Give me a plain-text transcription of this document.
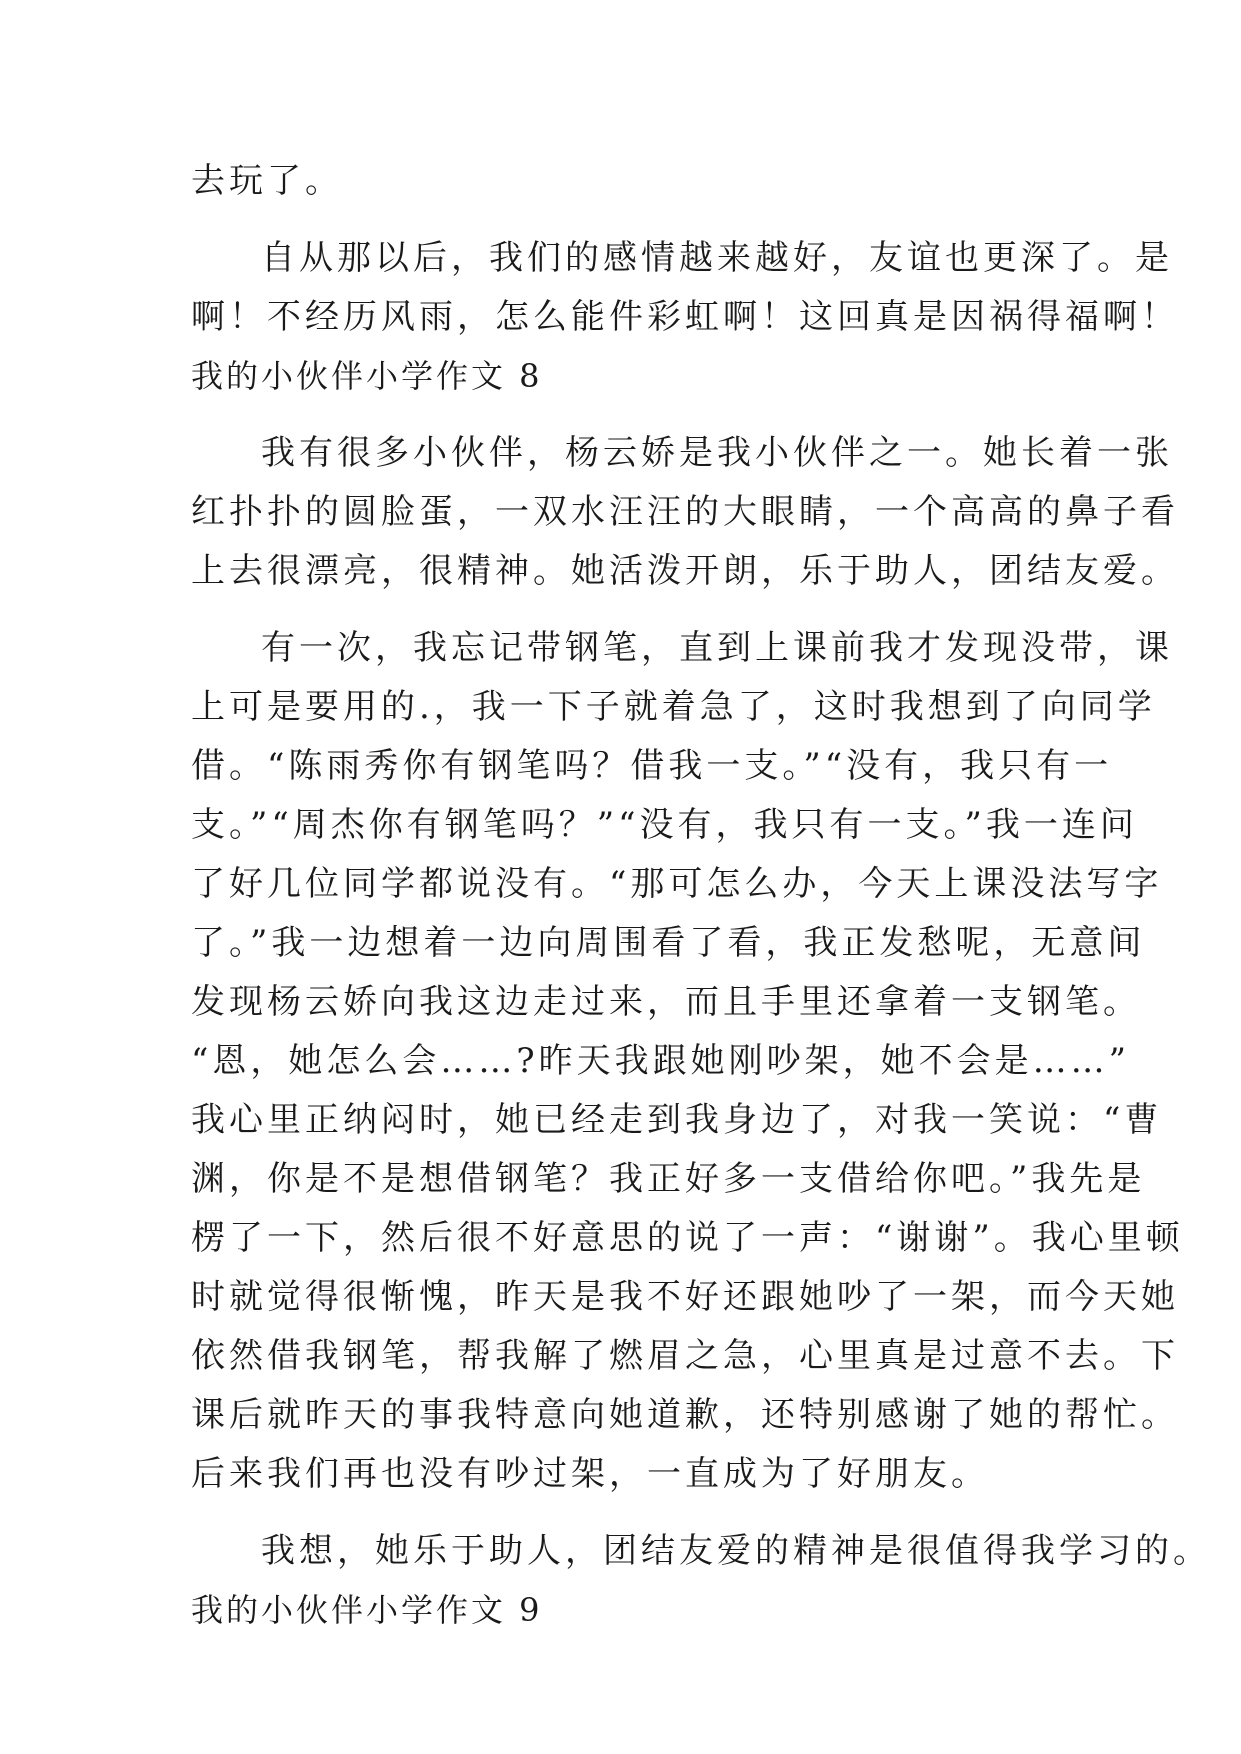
去玩了。
自从那以后，我们的感情越来越好，友谊也更深了。是
啊！不经历风雨，怎么能件彩虹啊！这回真是因祸得福啊！
我的小伙伴小学作文 8
我有很多小伙伴，杨云娇是我小伙伴之一。她长着一张
红扑扑的圆脸蛋，一双水汪汪的大眼睛，一个高高的鼻子看
上去很漂亮，很精神。她活泼开朗，乐于助人，团结友爱。
有一次，我忘记带钢笔，直到上课前我才发现没带，课
上可是要用的.，我一下子就着急了，这时我想到了向同学
借。“陈雨秀你有钢笔吗？借我一支。”“没有，我只有一
支。”“周杰你有钢笔吗？”“没有，我只有一支。”我一连问
了好几位同学都说没有。“那可怎么办，今天上课没法写字
了。”我一边想着一边向周围看了看，我正发愁呢，无意间
发现杨云娇向我这边走过来，而且手里还拿着一支钢笔。
“恩，她怎么会……?昨天我跟她刚吵架，她不会是……”
我心里正纳闷时，她已经走到我身边了，对我一笑说：“曹
渊，你是不是想借钢笔？我正好多一支借给你吧。”我先是
楞了一下，然后很不好意思的说了一声：“谢谢”。我心里顿
时就觉得很惭愧，昨天是我不好还跟她吵了一架，而今天她
依然借我钢笔，帮我解了燃眉之急，心里真是过意不去。下
课后就昨天的事我特意向她道歉，还特别感谢了她的帮忙。
后来我们再也没有吵过架，一直成为了好朋友。
我想，她乐于助人，团结友爱的精神是很值得我学习的。
我的小伙伴小学作文 9
